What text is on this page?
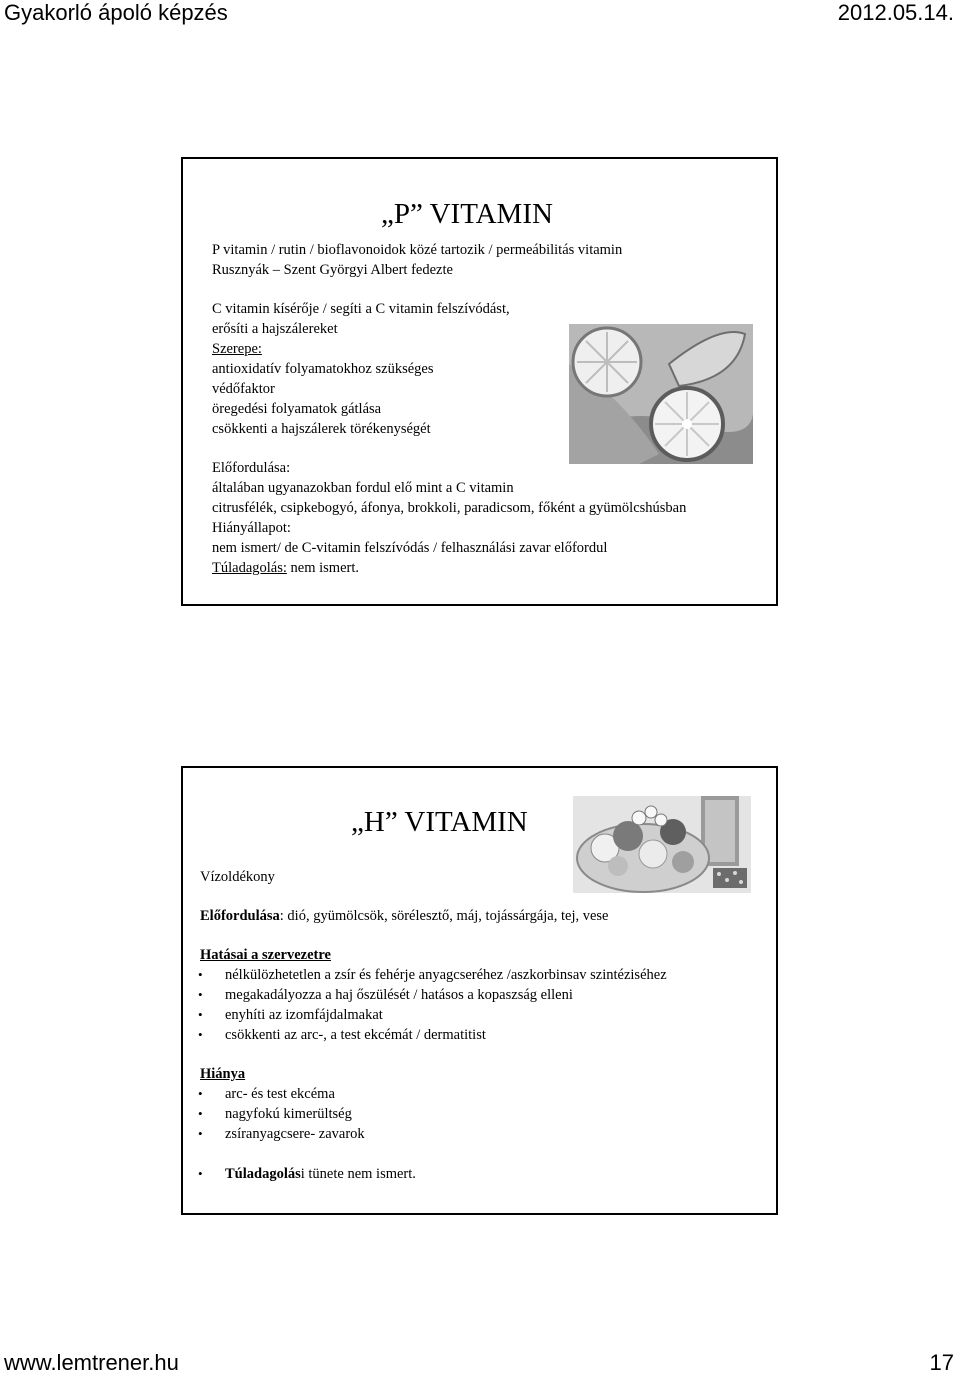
Gyakorló ápoló képzés	2012.05.14.
„P” VITAMIN
P vitamin / rutin / bioflavonoidok közé tartozik / permeábilitás vitamin
Rusznyák – Szent Györgyi Albert fedezte
C vitamin kísérője / segíti a C vitamin felszívódást,
erősíti a hajszálereket
Szerepe:
antioxidatív folyamatokhoz szükséges
védőfaktor
öregedési folyamatok gátlása
csökkenti a hajszálerek törékenységét
Előfordulása:
általában ugyanazokban fordul elő mint a C vitamin
citrusfélék, csipkebogyó, áfonya, brokkoli, paradicsom, főként a gyümölcshúsban
Hiányállapot:
nem ismert/ de C-vitamin felszívódás / felhasználási zavar előfordul
Túladagolás: nem ismert.
„H” VITAMIN
Vízoldékony
Előfordulása: dió, gyümölcsök, sörélesztő, máj, tojássárgája, tej, vese
Hatásai a szervezetre
• nélkülözhetetlen a zsír és fehérje anyagcseréhez /aszkorbinsav szintéziséhez
• megakadályozza a haj őszülését / hatásos a kopaszság elleni
• enyhíti az izomfájdalmakat
• csökkenti az arc-, a test ekcémát / dermatitist
Hiánya
• arc- és test ekcéma
• nagyfokú kimerültség
• zsíranyagcsere- zavarok
• Túladagolási tünete nem ismert.
www.lemtrener.hu	17
